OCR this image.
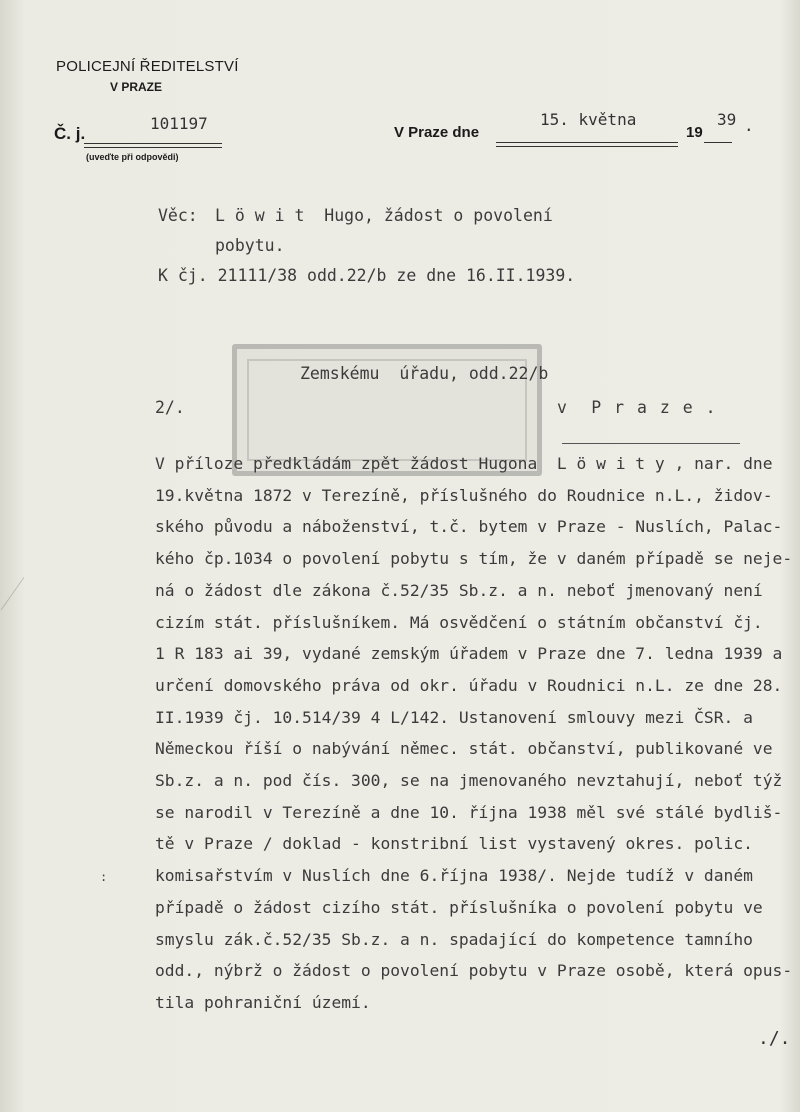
POLICEJNÍ ŘEDITELSTVÍ
V PRAZE
Č. j.
101197
(uveďte při odpovědi)
V Praze dne
15. května
19
39 .
Věc: L ö w i t  Hugo, žádost o povolení
pobytu.
K čj. 21111/38 odd.22/b ze dne 16.II.1939.
Zemskému  úřadu, odd.22/b
2/.	v  P r a z e .
V příloze předkládám zpět žádost Hugona  L ö w i t y , nar. dne
19.května 1872 v Terezíně, příslušného do Roudnice n.L., židov-
ského původu a náboženství, t.č. bytem v Praze - Nuslích, Palac-
kého čp.1034 o povolení pobytu s tím, že v daném případě se neje-
ná o žádost dle zákona č.52/35 Sb.z. a n. neboť jmenovaný není
cizím stát. příslušníkem. Má osvědčení o státním občanství čj.
1 R 183 ai 39, vydané zemským úřadem v Praze dne 7. ledna 1939 a
určení domovského práva od okr. úřadu v Roudnici n.L. ze dne 28.
II.1939 čj. 10.514/39 4 L/142. Ustanovení smlouvy mezi ČSR. a
Německou říší o nabývání němec. stát. občanství, publikované ve
Sb.z. a n. pod čís. 300, se na jmenovaného nevztahují, neboť týž
se narodil v Terezíně a dne 10. října 1938 měl své stálé bydliš-
tě v Praze / doklad - konstribní list vystavený okres. polic.
komisařstvím v Nuslích dne 6.října 1938/. Nejde tudíž v daném
případě o žádost cizího stát. příslušníka o povolení pobytu ve
smyslu zák.č.52/35 Sb.z. a n. spadající do kompetence tamního
odd., nýbrž o žádost o povolení pobytu v Praze osobě, která opus-
tila pohraniční území.
:
./.
